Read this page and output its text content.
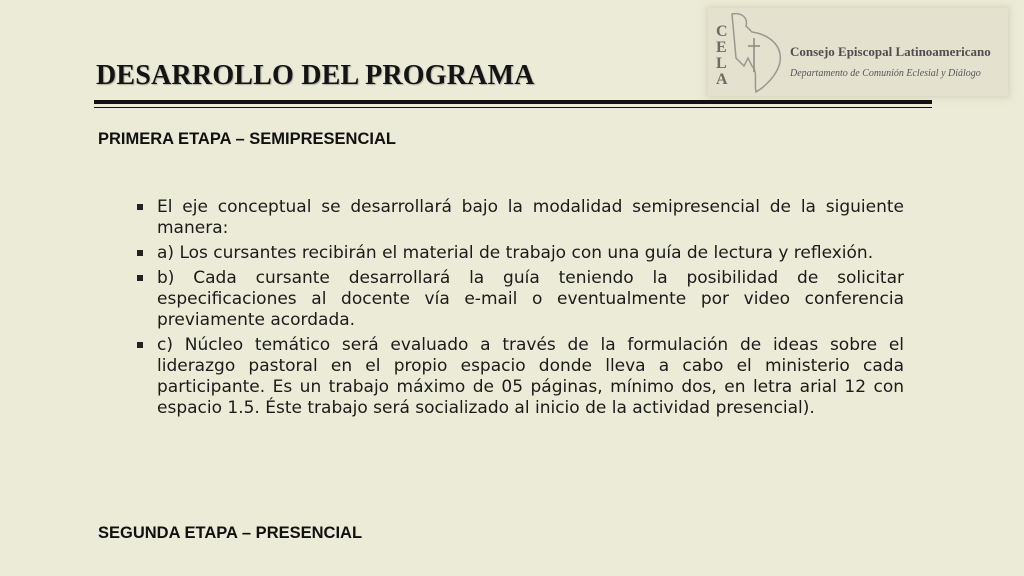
C
E
L
A
Consejo Episcopal Latinoamericano
Departamento de Comunión Eclesial y Diálogo
DESARROLLO DEL PROGRAMA
PRIMERA ETAPA – SEMIPRESENCIAL
El eje conceptual se desarrollará bajo la modalidad semipresencial de la siguiente manera:
a) Los cursantes recibirán el material de trabajo con una guía de lectura y reflexión.
b) Cada cursante desarrollará la guía teniendo la posibilidad de solicitar especificaciones al docente vía e-mail o eventualmente por video conferencia previamente acordada.
c) Núcleo temático será evaluado a través de la formulación de ideas sobre el liderazgo pastoral en el propio espacio donde lleva a cabo el ministerio cada participante. Es un trabajo máximo de 05 páginas, mínimo dos, en letra arial 12 con espacio 1.5. Éste trabajo será socializado al inicio de la actividad presencial).
SEGUNDA ETAPA – PRESENCIAL
